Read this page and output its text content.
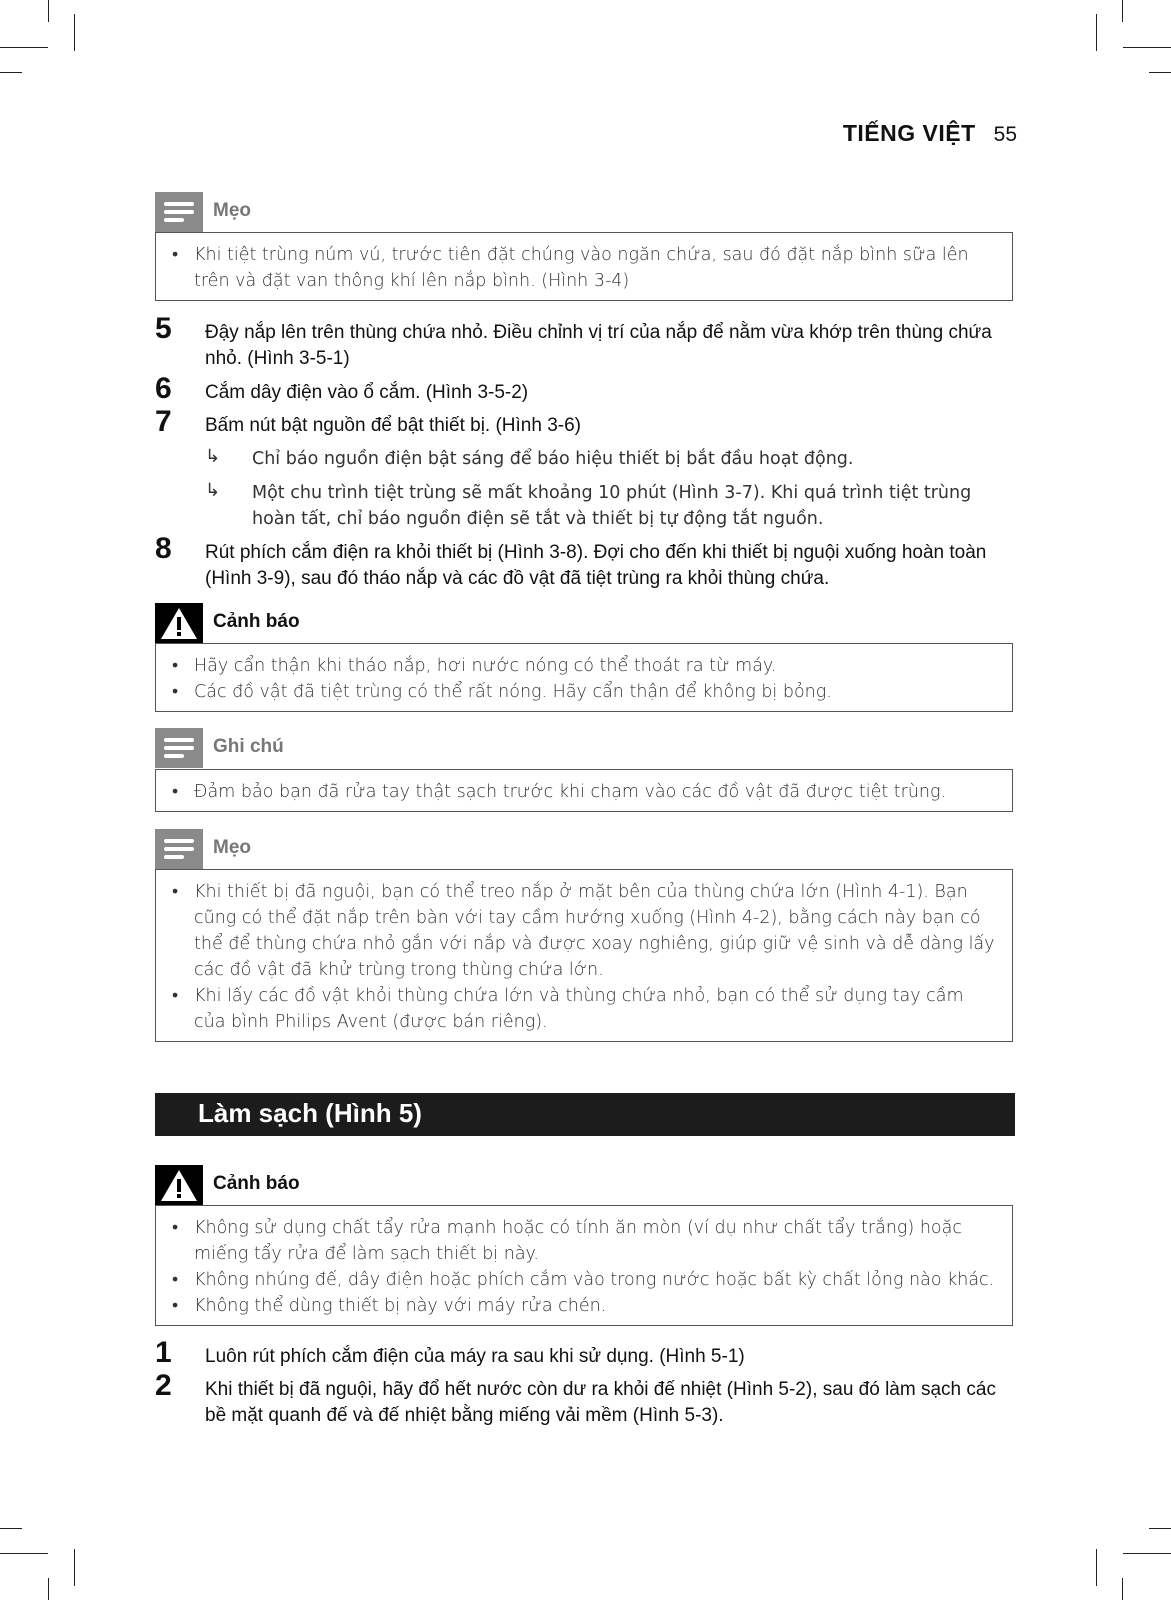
TIẾNG VIỆT 55
Mẹo
• Khi tiệt trùng núm vú, trước tiên đặt chúng vào ngăn chứa, sau đó đặt nắp bình sữa lên trên và đặt van thông khí lên nắp bình. (Hình 3-4)
5 Đậy nắp lên trên thùng chứa nhỏ. Điều chỉnh vị trí của nắp để nằm vừa khớp trên thùng chứa nhỏ. (Hình 3-5-1)
6 Cắm dây điện vào ổ cắm. (Hình 3-5-2)
7 Bấm nút bật nguồn để bật thiết bị. (Hình 3-6)
↳ Chỉ báo nguồn điện bật sáng để báo hiệu thiết bị bắt đầu hoạt động.
↳ Một chu trình tiệt trùng sẽ mất khoảng 10 phút (Hình 3-7). Khi quá trình tiệt trùng hoàn tất, chỉ báo nguồn điện sẽ tắt và thiết bị tự động tắt nguồn.
8 Rút phích cắm điện ra khỏi thiết bị (Hình 3-8). Đợi cho đến khi thiết bị nguội xuống hoàn toàn (Hình 3-9), sau đó tháo nắp và các đồ vật đã tiệt trùng ra khỏi thùng chứa.
Cảnh báo
• Hãy cẩn thận khi tháo nắp, hơi nước nóng có thể thoát ra từ máy.
• Các đồ vật đã tiệt trùng có thể rất nóng. Hãy cẩn thận để không bị bỏng.
Ghi chú
• Đảm bảo bạn đã rửa tay thật sạch trước khi chạm vào các đồ vật đã được tiệt trùng.
Mẹo
• Khi thiết bị đã nguội, bạn có thể treo nắp ở mặt bên của thùng chứa lớn (Hình 4-1). Bạn cũng có thể đặt nắp trên bàn với tay cầm hướng xuống (Hình 4-2), bằng cách này bạn có thể để thùng chứa nhỏ gắn với nắp và được xoay nghiêng, giúp giữ vệ sinh và dễ dàng lấy các đồ vật đã khử trùng trong thùng chứa lớn.
• Khi lấy các đồ vật khỏi thùng chứa lớn và thùng chứa nhỏ, bạn có thể sử dụng tay cầm của bình Philips Avent (được bán riêng).
Làm sạch (Hình 5)
Cảnh báo
• Không sử dụng chất tẩy rửa mạnh hoặc có tính ăn mòn (ví dụ như chất tẩy trắng) hoặc miếng tẩy rửa để làm sạch thiết bị này.
• Không nhúng đế, dây điện hoặc phích cắm vào trong nước hoặc bất kỳ chất lỏng nào khác.
• Không thể dùng thiết bị này với máy rửa chén.
1 Luôn rút phích cắm điện của máy ra sau khi sử dụng. (Hình 5-1)
2 Khi thiết bị đã nguội, hãy đổ hết nước còn dư ra khỏi đế nhiệt (Hình 5-2), sau đó làm sạch các bề mặt quanh đế và đế nhiệt bằng miếng vải mềm (Hình 5-3).
